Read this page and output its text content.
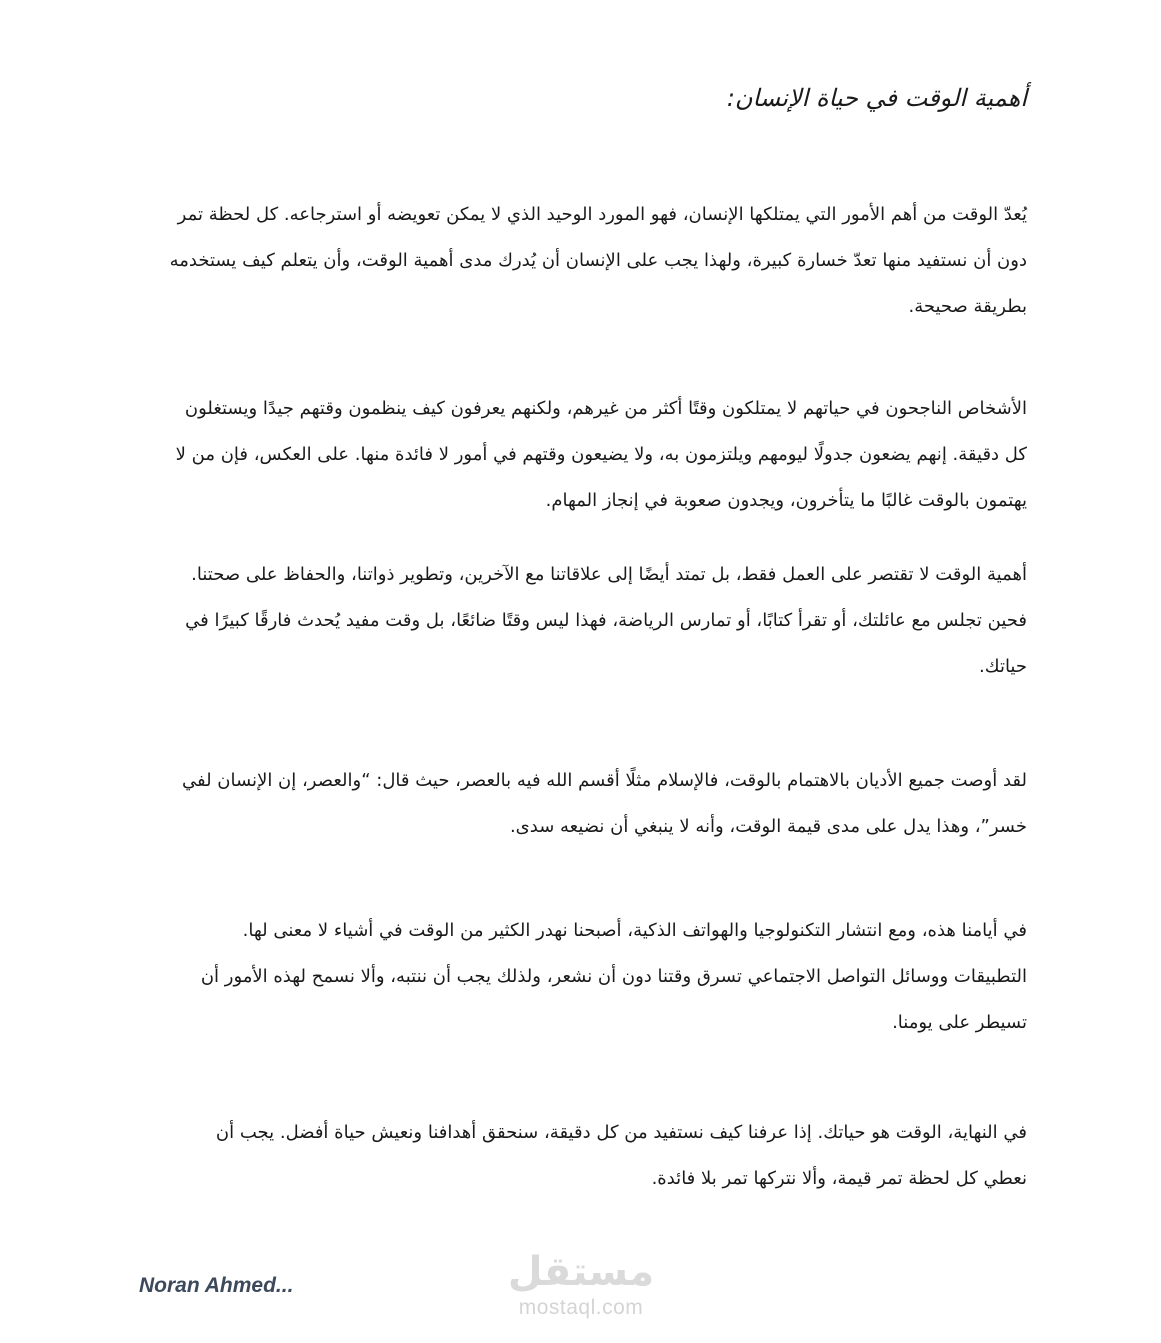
أهمية الوقت في حياة الإنسان:

يُعدّ الوقت من أهم الأمور التي يمتلكها الإنسان، فهو المورد الوحيد الذي لا يمكن تعويضه أو استرجاعه. كل لحظة تمر دون أن نستفيد منها تعدّ خسارة كبيرة، ولهذا يجب على الإنسان أن يُدرك مدى أهمية الوقت، وأن يتعلم كيف يستخدمه بطريقة صحيحة.

الأشخاص الناجحون في حياتهم لا يمتلكون وقتًا أكثر من غيرهم، ولكنهم يعرفون كيف ينظمون وقتهم جيدًا ويستغلون كل دقيقة. إنهم يضعون جدولًا ليومهم ويلتزمون به، ولا يضيعون وقتهم في أمور لا فائدة منها. على العكس، فإن من لا يهتمون بالوقت غالبًا ما يتأخرون، ويجدون صعوبة في إنجاز المهام.

أهمية الوقت لا تقتصر على العمل فقط، بل تمتد أيضًا إلى علاقاتنا مع الآخرين، وتطوير ذواتنا، والحفاظ على صحتنا. فحين تجلس مع عائلتك، أو تقرأ كتابًا، أو تمارس الرياضة، فهذا ليس وقتًا ضائعًا، بل وقت مفيد يُحدث فارقًا كبيرًا في حياتك.

لقد أوصت جميع الأديان بالاهتمام بالوقت، فالإسلام مثلًا أقسم الله فيه بالعصر، حيث قال: “والعصر، إن الإنسان لفي خسر”، وهذا يدل على مدى قيمة الوقت، وأنه لا ينبغي أن نضيعه سدى.

في أيامنا هذه، ومع انتشار التكنولوجيا والهواتف الذكية، أصبحنا نهدر الكثير من الوقت في أشياء لا معنى لها. التطبيقات ووسائل التواصل الاجتماعي تسرق وقتنا دون أن نشعر، ولذلك يجب أن ننتبه، وألا نسمح لهذه الأمور أن تسيطر على يومنا.

في النهاية، الوقت هو حياتك. إذا عرفنا كيف نستفيد من كل دقيقة، سنحقق أهدافنا ونعيش حياة أفضل. يجب أن نعطي كل لحظة تمر قيمة، وألا نتركها تمر بلا فائدة.

Noran Ahmed...	مستقل
mostaql.com
